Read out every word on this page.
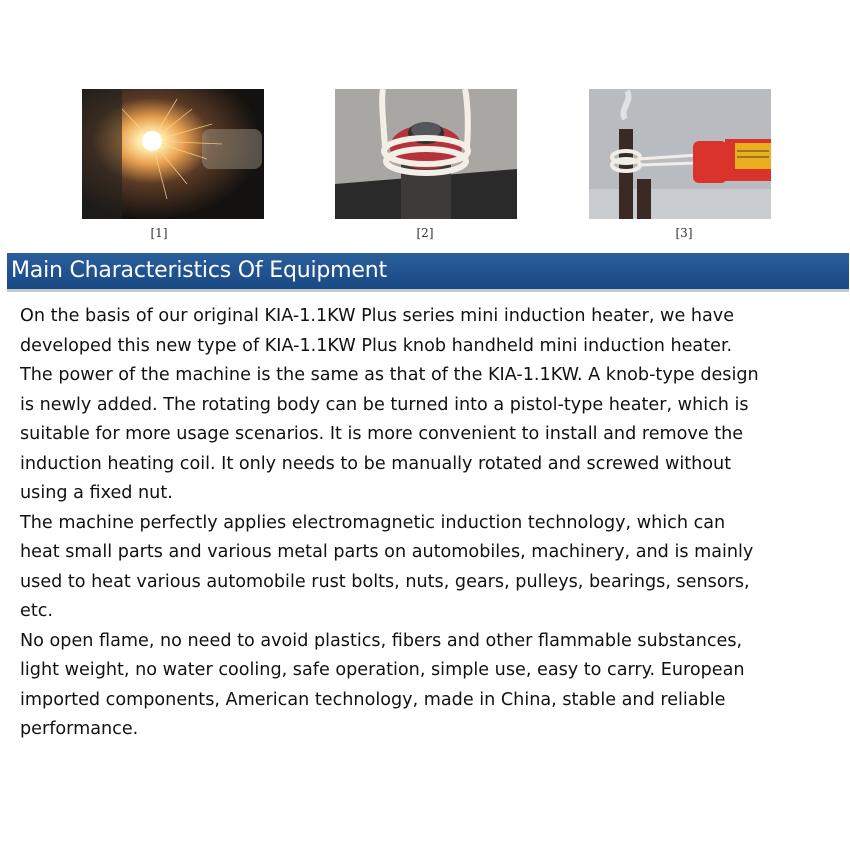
[1]	[2]	[3]
Main Characteristics Of Equipment

On the basis of our original KIA-1.1KW Plus series mini induction heater, we have
developed this new type of KIA-1.1KW Plus knob handheld mini induction heater.
The power of the machine is the same as that of the KIA-1.1KW. A knob-type design
is newly added. The rotating body can be turned into a pistol-type heater, which is
suitable for more usage scenarios. It is more convenient to install and remove the
induction heating coil. It only needs to be manually rotated and screwed without
using a fixed nut.

The machine perfectly applies electromagnetic induction technology, which can
heat small parts and various metal parts on automobiles, machinery, and is mainly
used to heat various automobile rust bolts, nuts, gears, pulleys, bearings, sensors,
etc.

No open flame, no need to avoid plastics, fibers and other flammable substances,
light weight, no water cooling, safe operation, simple use, easy to carry. European
imported components, American technology, made in China, stable and reliable
performance.
